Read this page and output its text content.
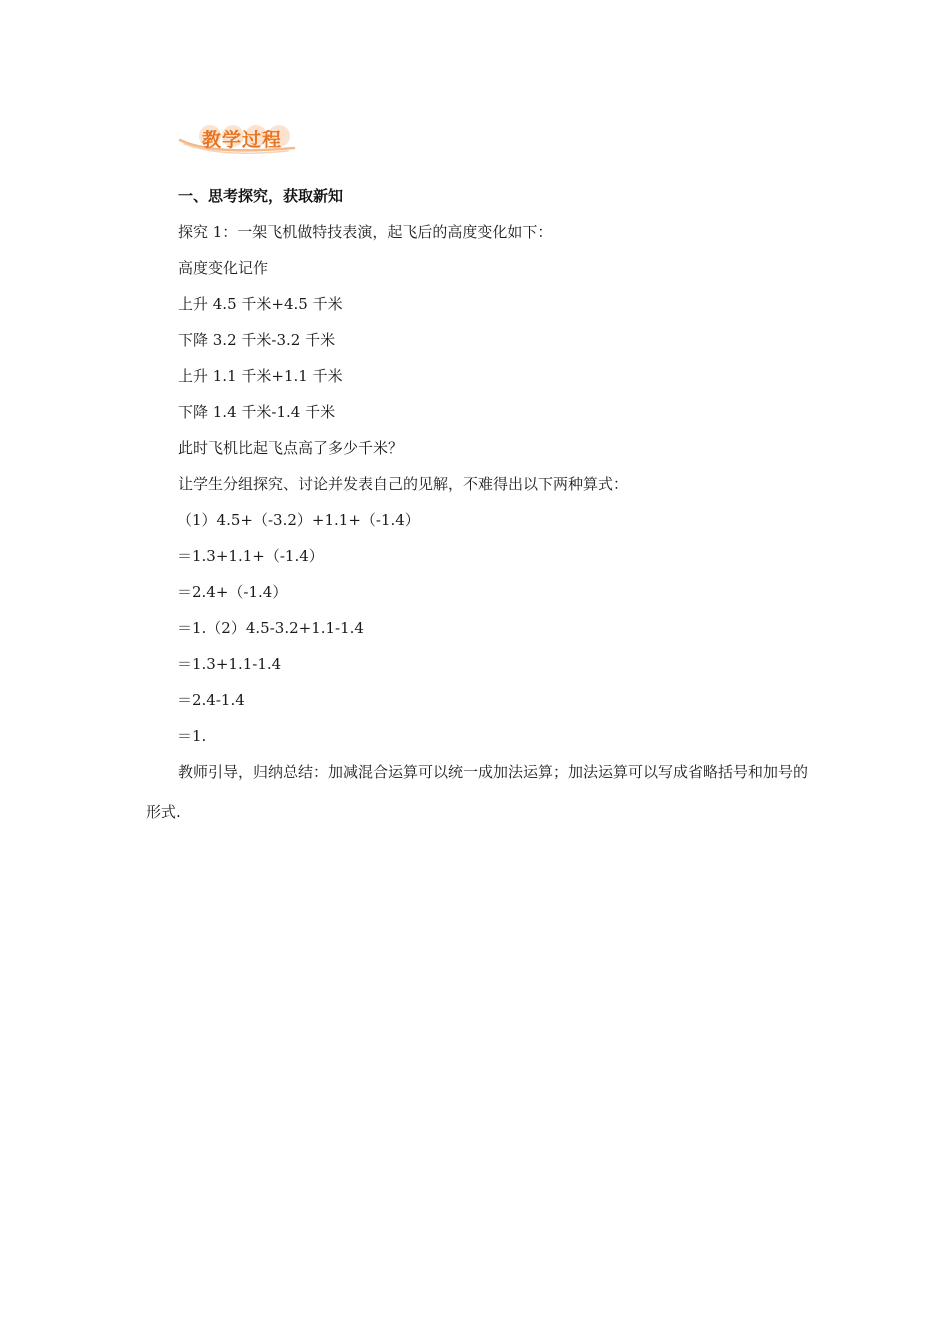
教学过程
一、思考探究，获取新知
探究 1：一架飞机做特技表演，起飞后的高度变化如下：
高度变化记作
上升 4.5 千米+4.5 千米
下降 3.2 千米-3.2 千米
上升 1.1 千米+1.1 千米
下降 1.4 千米-1.4 千米
此时飞机比起飞点高了多少千米？
让学生分组探究、讨论并发表自己的见解，不难得出以下两种算式：
（1）4.5+（-3.2）+1.1+（-1.4）
＝1.3+1.1+（-1.4）
＝2.4+（-1.4）
＝1.（2）4.5-3.2+1.1-1.4
＝1.3+1.1-1.4
＝2.4-1.4
＝1.

教师引导，归纳总结：加减混合运算可以统一成加法运算；加法运算可以写成省略括号和加号的形式.
